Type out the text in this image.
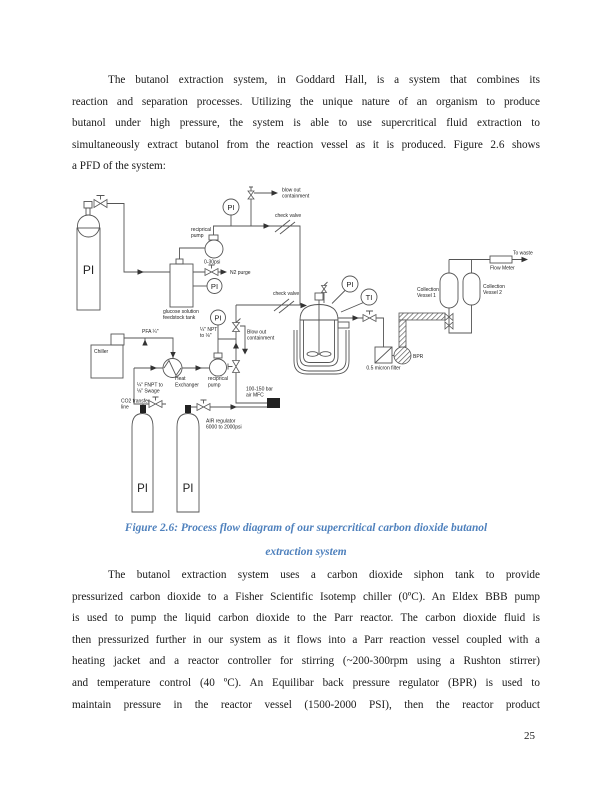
The butanol extraction system, in Goddard Hall, is a system that combines its
reaction and separation processes. Utilizing the unique nature of an organism to produce
butanol under high pressure, the system is able to use supercritical fluid extraction to
simultaneously extract butanol from the reaction vessel as it is produced. Figure 2.6 shows
a PFD of the system:
PI
glucose solution
feedstock tank
reciprical
pump
PI
blow out
containment
check valve
0-30psi
N2 purge
PI
check valve
Blow out
containment
100-150 bar
air MFC
PI
¼" NPT
to ⅛"
reciprical
pump
Heat
Exchanger
Chiller
PFA ¼"
PI
¼" FNPT to
⅛" Swage
CO2 transfer
line
PI
AIR regulator
6000 to 2000psi
PI
TI
0.5 micron filter
BPR
Collection
Vessel 1
Collection
Vessel 2
Flow Meter
To waste
Figure 2.6: Process flow diagram of our supercritical carbon dioxide butanol
extraction system
The butanol extraction system uses a carbon dioxide siphon tank to provide
pressurized carbon dioxide to a Fisher Scientific Isotemp chiller (0ºC). An Eldex BBB pump
is used to pump the liquid carbon dioxide to the Parr reactor. The carbon dioxide fluid is
then pressurized further in our system as it flows into a Parr reaction vessel coupled with a
heating jacket and a reactor controller for stirring (~200-300rpm using a Rushton stirrer)
and temperature control (40 ºC). An Equilibar back pressure regulator (BPR) is used to
maintain pressure in the reactor vessel (1500-2000 PSI), then the reactor product
25
